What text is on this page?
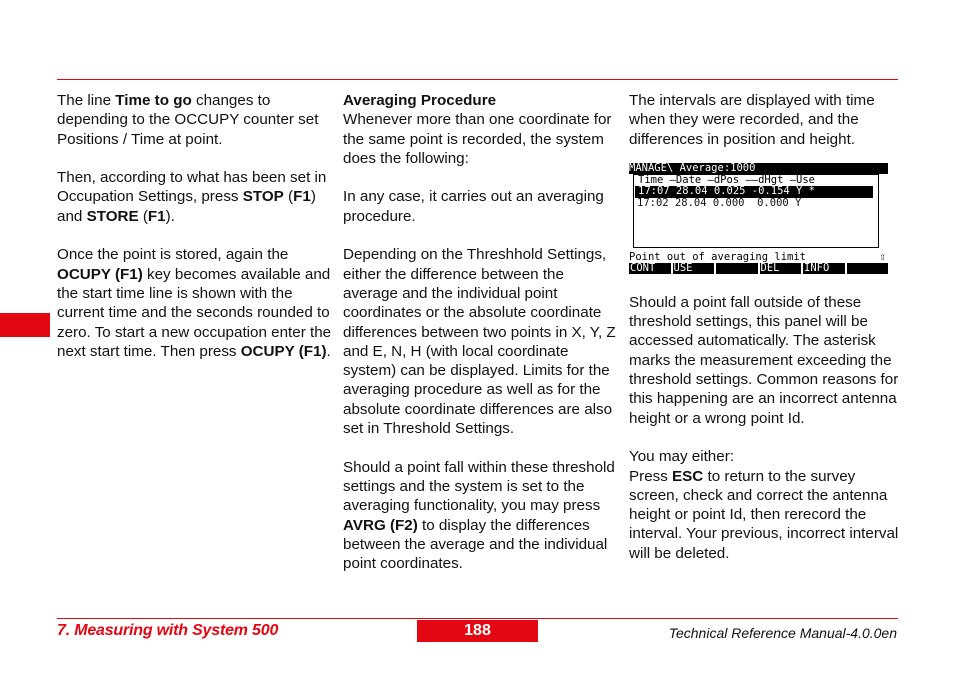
The line Time to go changes to depending to the OCCUPY counter set Positions / Time at point.

Then, according to what has been set in Occupation Settings, press STOP (F1) and STORE (F1).

Once the point is stored, again the OCUPY (F1) key becomes available and the start time line is shown with the current time and the seconds rounded to zero. To start a new occupation enter the next start time. Then press OCUPY (F1).

Averaging Procedure
Whenever more than one coordinate for the same point is recorded, the system does the following:

In any case, it carries out an averaging procedure.

Depending on the Threshhold Settings, either the difference between the average and the individual point coordinates or the absolute coordinate differences between two points in X, Y, Z and E, N, H (with local coordinate system) can be displayed. Limits for the averaging procedure as well as for the absolute coordinate differences are also set in Threshold Settings.

Should a point fall within these threshold settings and the system is set to the averaging functionality, you may press AVRG (F2) to display the differences between the average and the individual point coordinates.

The intervals are displayed with time when they were recorded, and the differences in position and height.

MANAGE\ Average:1000
Time —Date —dPos ——dHgt —Use
17:07 28.04 0.025 -0.154 Y *
17:02 28.04 0.000  0.000 Y
Point out of averaging limit	⇧
CONT	USE	DEL	INFO

Should a point fall outside of these threshold settings, this panel will be accessed automatically. The asterisk marks the measurement exceeding the threshold settings. Common reasons for this happening are an incorrect antenna height or a wrong point Id.

You may either:
Press ESC to return to the survey screen, check and correct the antenna height or point Id, then rerecord the interval. Your previous, incorrect interval will be deleted.

7. Measuring with System 500	188	Technical Reference Manual-4.0.0en
